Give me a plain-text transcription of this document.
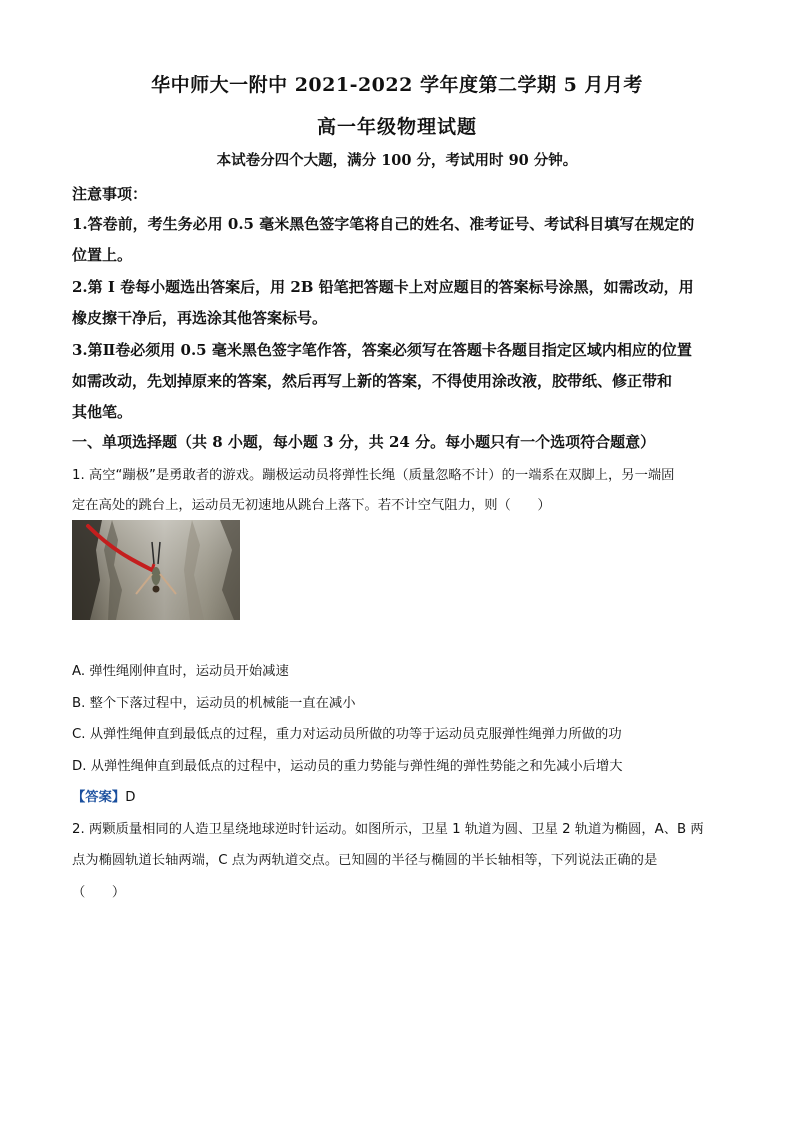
华中师大一附中 2021-2022 学年度第二学期 5 月月考
高一年级物理试题
本试卷分四个大题，满分 100 分，考试用时 90 分钟。
注意事项：
1.答卷前，考生务必用 0.5 毫米黑色签字笔将自己的姓名、准考证号、考试科目填写在规定的
位置上。
2.第 I 卷每小题选出答案后，用 2B 铅笔把答题卡上对应题目的答案标号涂黑，如需改动，用
橡皮擦干净后，再选涂其他答案标号。
3.第Ⅱ卷必须用 0.5 毫米黑色签字笔作答，答案必须写在答题卡各题目指定区域内相应的位置
如需改动，先划掉原来的答案，然后再写上新的答案，不得使用涂改液，胶带纸、修正带和
其他笔。
一、单项选择题（共 8 小题，每小题 3 分，共 24 分。每小题只有一个选项符合题意）
1. 高空“蹦极”是勇敢者的游戏。蹦极运动员将弹性长绳（质量忽略不计）的一端系在双脚上，另一端固
定在高处的跳台上，运动员无初速地从跳台上落下。若不计空气阻力，则（　　）
A. 弹性绳刚伸直时，运动员开始减速
B. 整个下落过程中，运动员的机械能一直在减小
C. 从弹性绳伸直到最低点的过程，重力对运动员所做的功等于运动员克服弹性绳弹力所做的功
D. 从弹性绳伸直到最低点的过程中，运动员的重力势能与弹性绳的弹性势能之和先减小后增大
【答案】D
2. 两颗质量相同的人造卫星绕地球逆时针运动。如图所示，卫星 1 轨道为圆、卫星 2 轨道为椭圆，A、B 两
点为椭圆轨道长轴两端，C 点为两轨道交点。已知圆的半径与椭圆的半长轴相等，下列说法正确的是
（　　）
